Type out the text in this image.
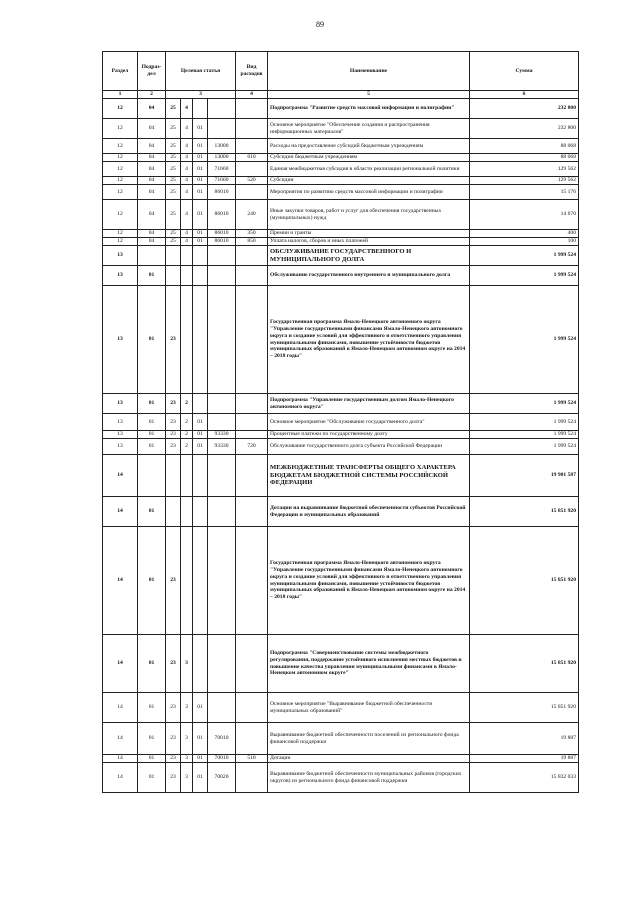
89
Раздел	Подраз- дел	Целевая статья				Вид расходов	Наименование	Сумма
1	2	3				4	5	6
12	04	25	4				Подпрограмма "Развитие средств массовой информации и полиграфии"	232 800
12	04	25	4	01			Основное мероприятие "Обеспечение создания и распространения информационных материалов"	232 800
12	04	25	4	01	13000		Расходы на предоставление субсидий бюджетным учреждениям	88 068
12	04	25	4	01	13000	610	Субсидии бюджетным учреждениям	88 068
12	04	25	4	01	71660		Единая межбюджетная субсидия в области реализации региональной политики	129 562
12	04	25	4	01	71660	520	Субсидии	129 562
12	04	25	4	01	86010		Мероприятия по развитию средств массовой информации и полиграфии	15 176
12	04	25	4	01	86010	240	Иные закупки товаров, работ и услуг для обеспечения государственных (муниципальных) нужд	14 670
12	04	25	4	01	86010	350	Премии и гранты	400
12	04	25	4	01	86010	850	Уплата налогов, сборов и иных платежей	100
13							ОБСЛУЖИВАНИЕ ГОСУДАРСТВЕННОГО И МУНИЦИПАЛЬНОГО ДОЛГА	1 999 524
13	01						Обслуживание государственного внутреннего и муниципального долга	1 999 524
13	01	23					Государственная программа Ямало-Ненецкого автономного округа "Управление государственными финансами Ямало-Ненецкого автономного округа и создание условий для эффективного и ответственного управления муниципальными финансами, повышение устойчивости бюджетов муниципальных образований в Ямало-Ненецком автономном округе на 2014 – 2018 годы"	1 999 524
13	01	23	2				Подпрограмма "Управление государственным долгом Ямало-Ненецкого автономного округа"	1 999 524
13	01	23	2	01			Основное мероприятие "Обслуживание государственного долга"	1 999 524
13	01	23	2	01	93330		Процентные платежи по государственному долгу	1 999 524
13	01	23	2	01	93330	720	Обслуживание государственного долга субъекта Российской Федерации	1 999 524
14							МЕЖБЮДЖЕТНЫЕ ТРАНСФЕРТЫ ОБЩЕГО ХАРАКТЕРА БЮДЖЕТАМ БЮДЖЕТНОЙ СИСТЕМЫ РОССИЙСКОЙ ФЕДЕРАЦИИ	19 901 587
14	01						Дотации на выравнивание бюджетной обеспеченности субъектов Российской Федерации и муниципальных образований	15 851 920
14	01	23					Государственная программа Ямало-Ненецкого автономного округа "Управление государственными финансами Ямало-Ненецкого автономного округа и создание условий для эффективного и ответственного управления муниципальными финансами, повышение устойчивости бюджетов муниципальных образований в Ямало-Ненецком автономном округе на 2014 – 2018 годы"	15 851 920
14	01	23	3				Подпрограмма "Совершенствование системы межбюджетного регулирования, поддержание устойчивого исполнения местных бюджетов и повышение качества управления муниципальными финансами в Ямало-Ненецком автономном округе"	15 851 920
14	01	23	3	01			Основное мероприятие "Выравнивание бюджетной обеспеченности муниципальных образований"	15 851 920
14	01	23	3	01	70010		Выравнивание бюджетной обеспеченности поселений из регионального фонда финансовой поддержки	19 887
14	01	23	3	01	70010	510	Дотации	19 887
14	01	23	3	01	70020		Выравнивание бюджетной обеспеченности муниципальных районов (городских округов) из регионального фонда финансовой поддержки	15 832 033
